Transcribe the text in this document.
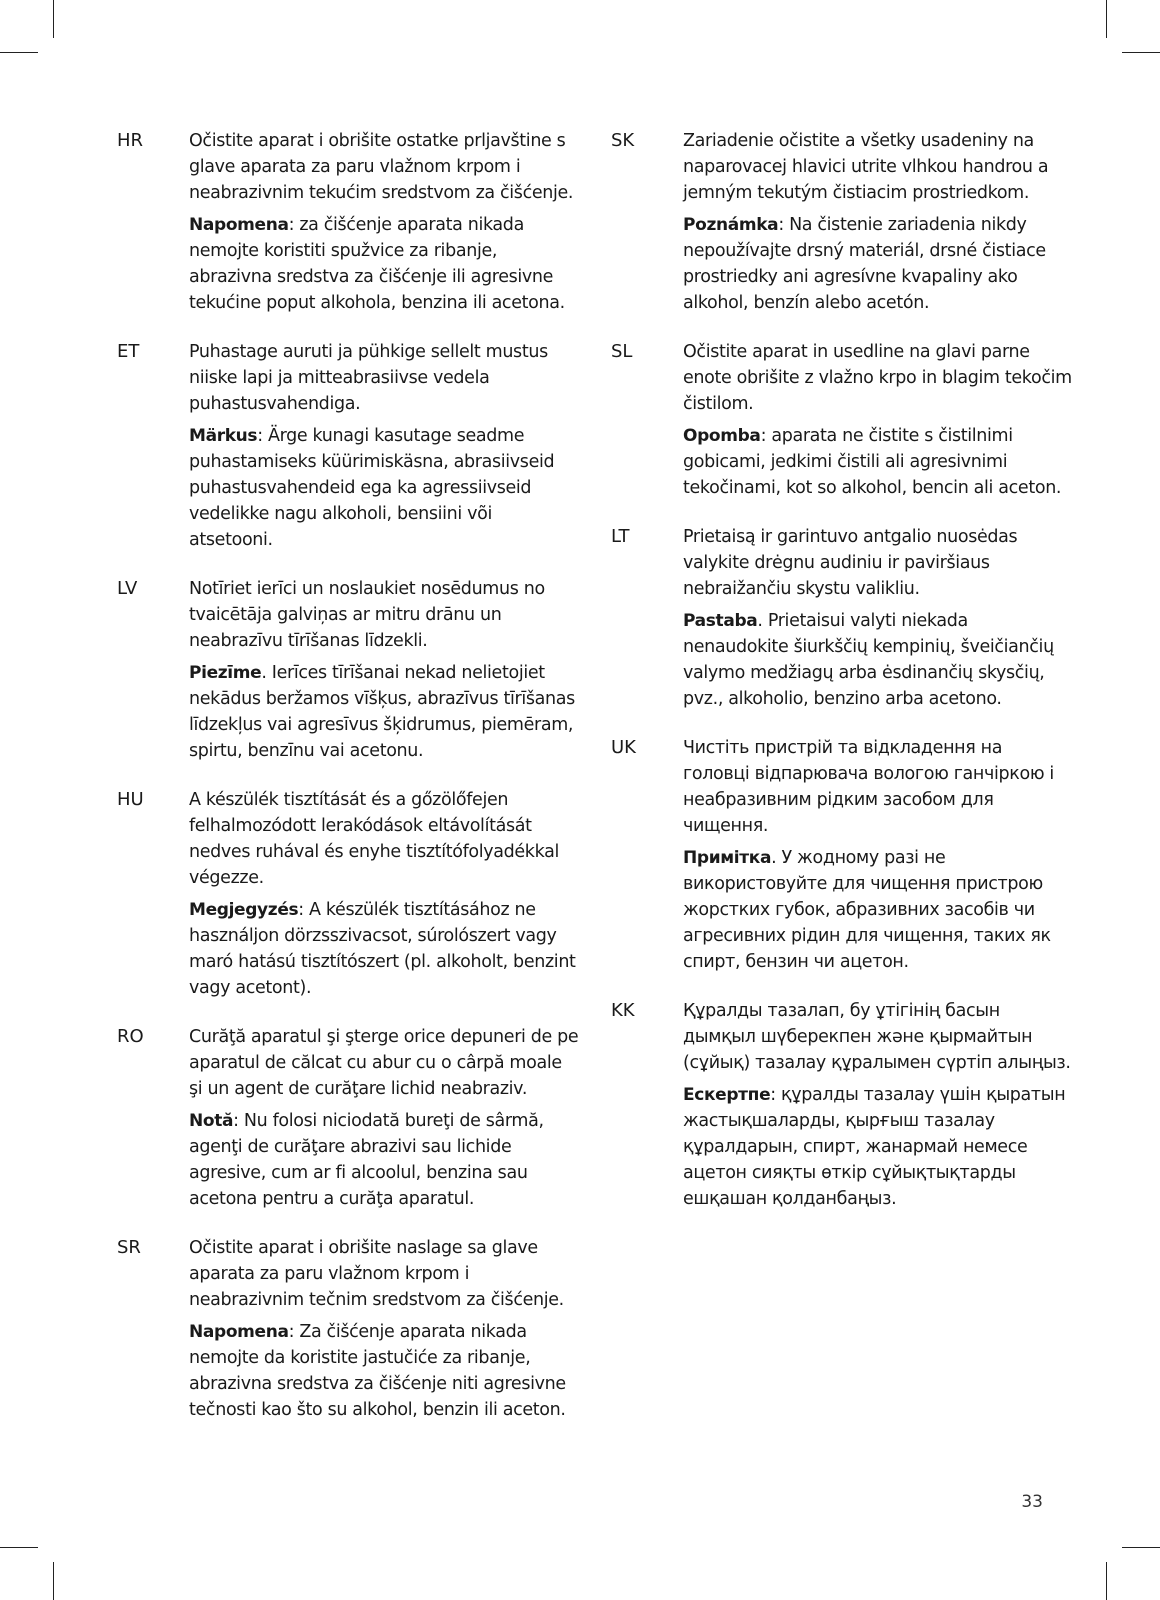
HR	Očistite aparat i obrišite ostatke prljavštine s glave aparata za paru vlažnom krpom i neabrazivnim tekućim sredstvom za čišćenje.

Napomena: za čišćenje aparata nikada nemojte koristiti spužvice za ribanje, abrazivna sredstva za čišćenje ili agresivne tekućine poput alkohola, benzina ili acetona.

ET	Puhastage auruti ja pühkige sellelt mustus niiske lapi ja mitteabrasiivse vedela puhastusvahendiga.

Märkus: Ärge kunagi kasutage seadme puhastamiseks küürimiskäsna, abrasiivseid puhastusvahendeid ega ka agressiivseid vedelikke nagu alkoholi, bensiini või atsetooni.

LV	Notīriet ierīci un noslaukiet nosēdumus no tvaicētāja galviņas ar mitru drānu un neabrazīvu tīrīšanas līdzekli.

Piezīme. Ierīces tīrīšanai nekad nelietojiet nekādus beržamos vīšķus, abrazīvus tīrīšanas līdzekļus vai agresīvus šķidrumus, piemēram, spirtu, benzīnu vai acetonu.

HU	A készülék tisztítását és a gőzölőfejen felhalmozódott lerakódások eltávolítását nedves ruhával és enyhe tisztítófolyadékkal végezze.

Megjegyzés: A készülék tisztításához ne használjon dörzsszivacsot, súrolószert vagy maró hatású tisztítószert (pl. alkoholt, benzint vagy acetont).

RO	Curăţă aparatul şi şterge orice depuneri de pe aparatul de călcat cu abur cu o cârpă moale şi un agent de curăţare lichid neabraziv.

Notă: Nu folosi niciodată bureţi de sârmă, agenţi de curăţare abrazivi sau lichide agresive, cum ar fi alcoolul, benzina sau acetona pentru a curăţa aparatul.

SR	Očistite aparat i obrišite naslage sa glave aparata za paru vlažnom krpom i neabrazivnim tečnim sredstvom za čišćenje.

Napomena: Za čišćenje aparata nikada nemojte da koristite jastučiće za ribanje, abrazivna sredstva za čišćenje niti agresivne tečnosti kao što su alkohol, benzin ili aceton.

SK	Zariadenie očistite a všetky usadeniny na naparovacej hlavici utrite vlhkou handrou a jemným tekutým čistiacim prostriedkom.

Poznámka: Na čistenie zariadenia nikdy nepoužívajte drsný materiál, drsné čistiace prostriedky ani agresívne kvapaliny ako alkohol, benzín alebo acetón.

SL	Očistite aparat in usedline na glavi parne enote obrišite z vlažno krpo in blagim tekočim čistilom.

Opomba: aparata ne čistite s čistilnimi gobicami, jedkimi čistili ali agresivnimi tekočinami, kot so alkohol, bencin ali aceton.

LT	Prietaisą ir garintuvo antgalio nuosėdas valykite drėgnu audiniu ir paviršiaus nebraižančiu skystu valikliu.

Pastaba. Prietaisui valyti niekada nenaudokite šiurkščių kempinių, šveičiančių valymo medžiagų arba ėsdinančių skysčių, pvz., alkoholio, benzino arba acetono.

UK	Чистіть пристрій та відкладення на головці відпарювача вологою ганчіркою і неабразивним рідким засобом для чищення.

Примітка. У жодному разі не використовуйте для чищення пристрою жорстких губок, абразивних засобів чи агресивних рідин для чищення, таких як спирт, бензин чи ацетон.

KK	Құралды тазалап, бу ұтігінің басын дымқыл шүберекпен және қырмайтын (сұйық) тазалау құралымен сүртіп алыңыз.

Ескертпе: құралды тазалау үшін қыратын жастықшаларды, қырғыш тазалау құралдарын, спирт, жанармай немесе ацетон сияқты өткір сұйықтықтарды ешқашан қолданбаңыз.

33
